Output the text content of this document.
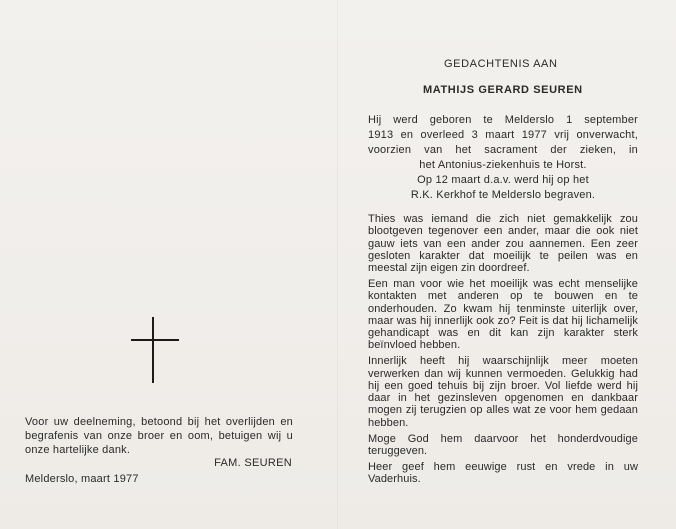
Voor uw deelneming, betoond bij het overlijden en begrafenis van onze broer en oom, betuigen wij u onze hartelijke dank.
FAM. SEUREN
Melderslo, maart 1977
GEDACHTENIS AAN
MATHIJS GERARD SEUREN
Hij werd geboren te Melderslo 1 september
1913 en overleed 3 maart 1977 vrij onverwacht,
voorzien van het sacrament der zieken, in
het Antonius-ziekenhuis te Horst.
Op 12 maart d.a.v. werd hij op het
R.K. Kerkhof te Melderslo begraven.

Thies was iemand die zich niet gemakkelijk zou blootgeven tegenover een ander, maar die ook niet gauw iets van een ander zou aannemen. Een zeer gesloten karakter dat moeilijk te peilen was en meestal zijn eigen zin doordreef.

Een man voor wie het moeilijk was echt menselijke kontakten met anderen op te bouwen en te onderhouden. Zo kwam hij tenminste uiterlijk over, maar was hij innerlijk ook zo? Feit is dat hij lichamelijk gehandicapt was en dit kan zijn karakter sterk beïnvloed hebben.

Innerlijk heeft hij waarschijnlijk meer moeten verwerken dan wij kunnen vermoeden. Gelukkig had hij een goed tehuis bij zijn broer. Vol liefde werd hij daar in het gezinsleven opgenomen en dankbaar mogen zij terugzien op alles wat ze voor hem gedaan hebben.

Moge God hem daarvoor het honderdvoudige teruggeven.

Heer geef hem eeuwige rust en vrede in uw Vaderhuis.
